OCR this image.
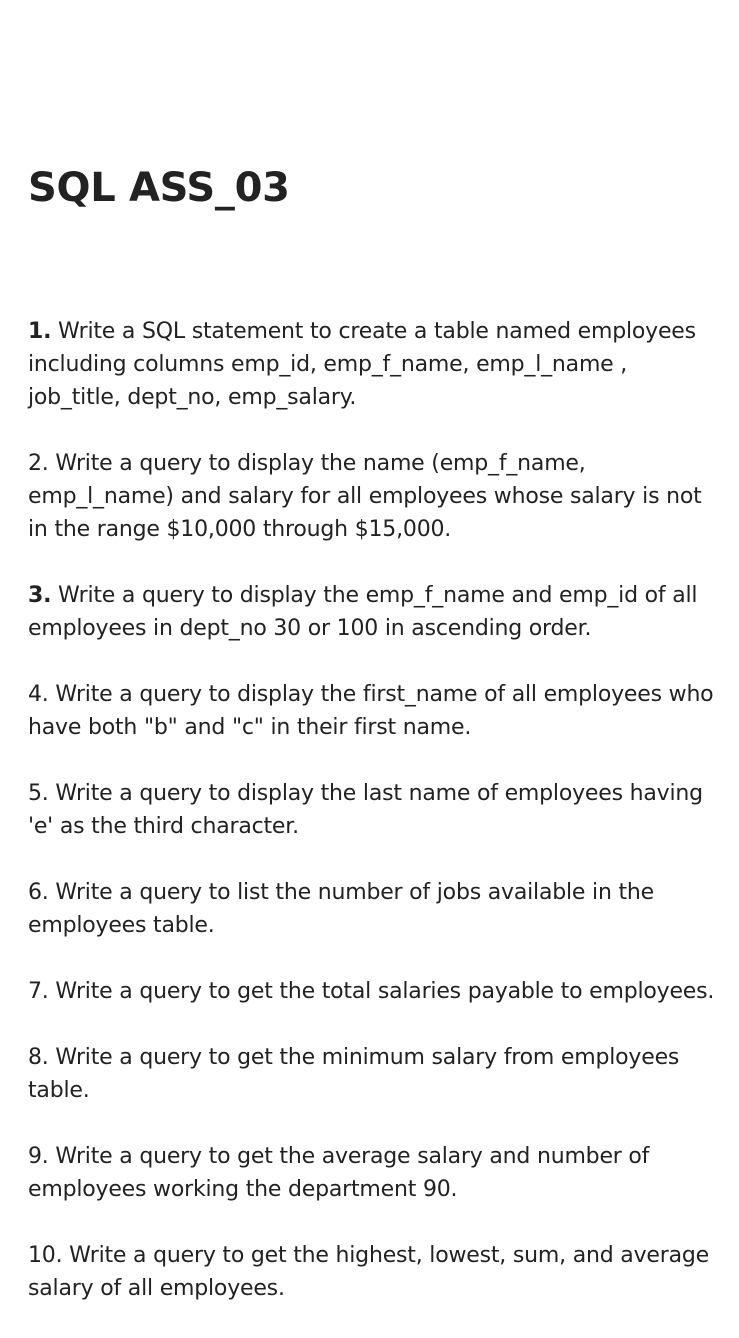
SQL ASS_03
1. Write a SQL statement to create a table named employees including columns emp_id, emp_f_name, emp_l_name , job_title, dept_no, emp_salary.
2. Write a query to display the name (emp_f_name, emp_l_name) and salary for all employees whose salary is not in the range $10,000 through $15,000.
3. Write a query to display the emp_f_name and emp_id of all employees in dept_no 30 or 100 in ascending order.
4. Write a query to display the first_name of all employees who have both "b" and "c" in their first name.
5. Write a query to display the last name of employees having 'e' as the third character.
6. Write a query to list the number of jobs available in the employees table.
7. Write a query to get the total salaries payable to employees.
8. Write a query to get the minimum salary from employees table.
9. Write a query to get the average salary and number of employees working the department 90.
10. Write a query to get the highest, lowest, sum, and average salary of all employees.
